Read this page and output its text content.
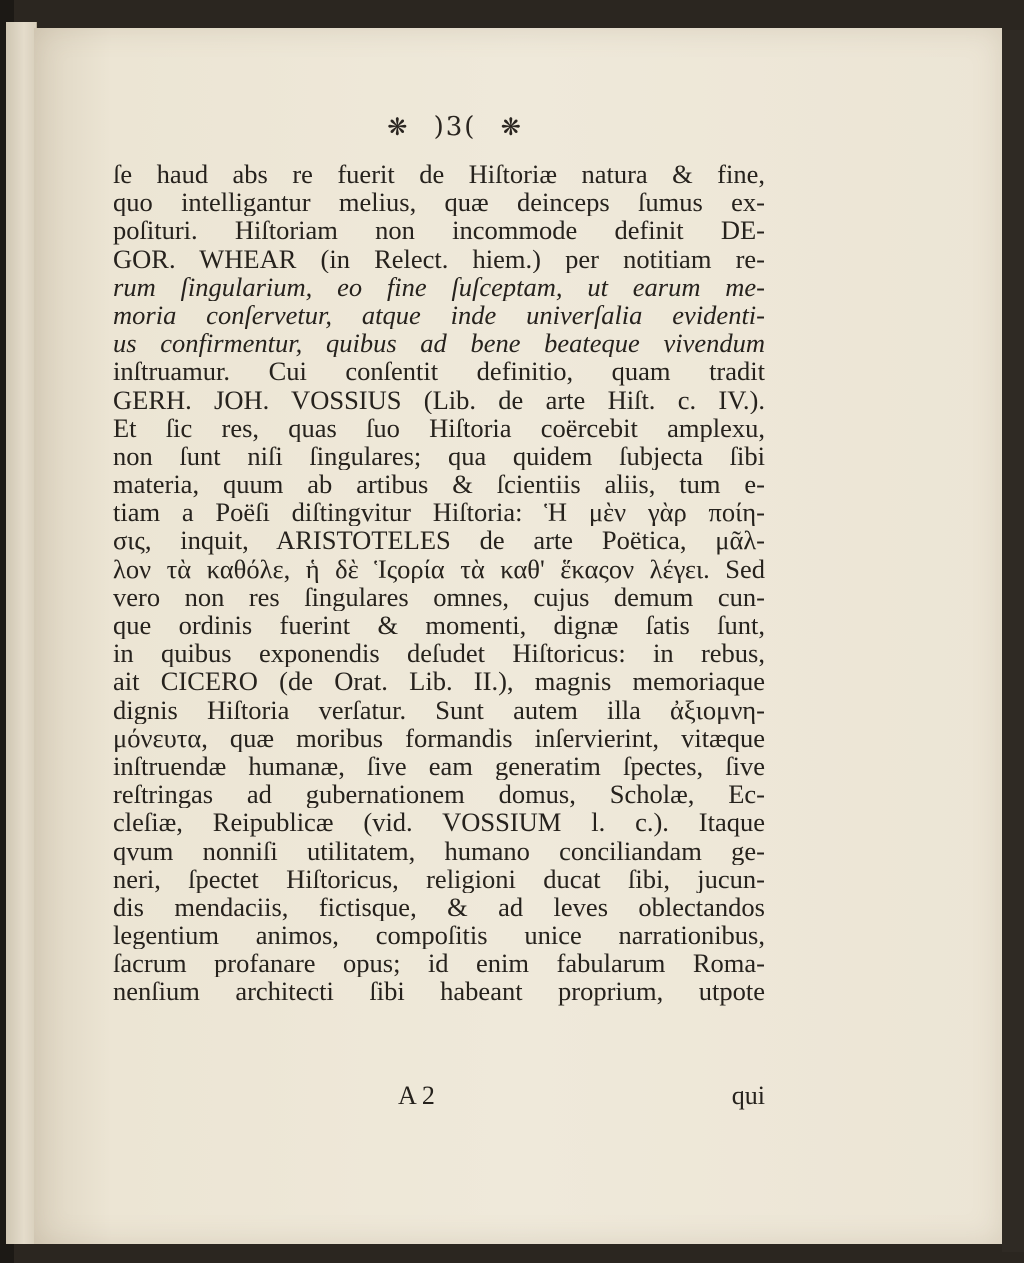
❋ )3( ❋
ſe haud abs re fuerit de Hiſtoriæ natura & fine,
quo intelligantur melius, quæ deinceps ſumus ex-
poſituri. Hiſtoriam non incommode definit DE-
GOR. WHEAR (in Relect. hiem.) per notitiam re-
rum ſingularium, eo fine ſuſceptam, ut earum me-
moria conſervetur, atque inde univerſalia evidenti-
us confirmentur, quibus ad bene beateque vivendum
inſtruamur. Cui conſentit definitio, quam tradit
GERH. JOH. VOSSIUS (Lib. de arte Hiſt. c. IV.).
Et ſic res, quas ſuo Hiſtoria coërcebit amplexu,
non ſunt niſi ſingulares; qua quidem ſubjecta ſibi
materia, quum ab artibus & ſcientiis aliis, tum e-
tiam a Poëſi diſtingvitur Hiſtoria: Ἡ μὲν γὰρ ποίη-
σις, inquit, ARISTOTELES de arte Poëtica, μᾶλ-
λον τὰ καθόλε, ἡ δὲ Ἱςορία τὰ καθ' ἕκαςον λέγει. Sed
vero non res ſingulares omnes, cujus demum cun-
que ordinis fuerint & momenti, dignæ ſatis ſunt,
in quibus exponendis deſudet Hiſtoricus: in rebus,
ait CICERO (de Orat. Lib. II.), magnis memoriaque
dignis Hiſtoria verſatur. Sunt autem illa ἀξιομνη-
μόνευτα, quæ moribus formandis inſervierint, vitæque
inſtruendæ humanæ, ſive eam generatim ſpectes, ſive
reſtringas ad gubernationem domus, Scholæ, Ec-
cleſiæ, Reipublicæ (vid. VOSSIUM l. c.). Itaque
qvum nonniſi utilitatem, humano conciliandam ge-
neri, ſpectet Hiſtoricus, religioni ducat ſibi, jucun-
dis mendaciis, fictisque, & ad leves oblectandos
legentium animos, compoſitis unice narrationibus,
ſacrum profanare opus; id enim fabularum Roma-
nenſium architecti ſibi habeant proprium, utpote
A 2	qui
